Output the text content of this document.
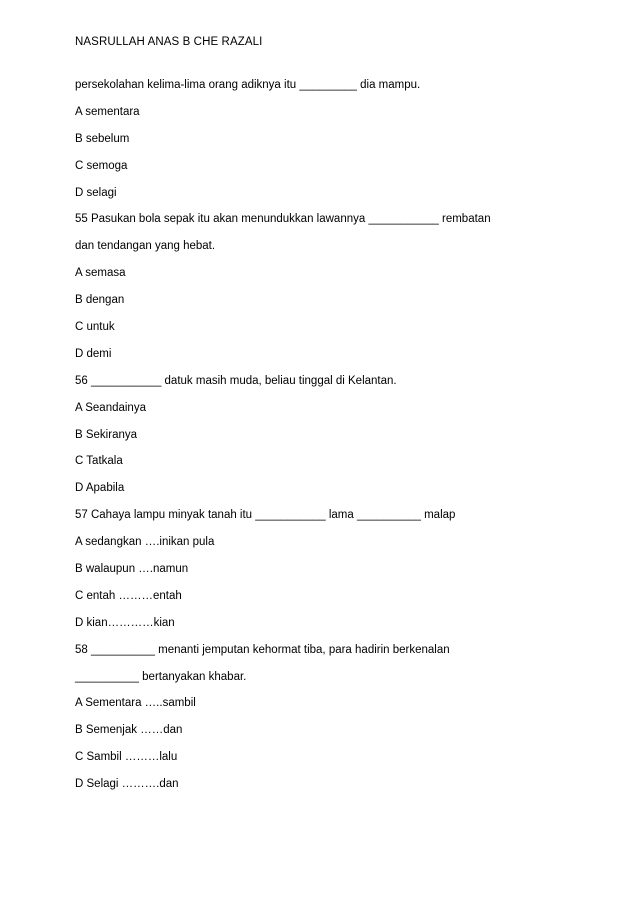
NASRULLAH ANAS B CHE RAZALI
persekolahan kelima-lima orang adiknya itu _________ dia mampu.
A sementara
B sebelum
C semoga
D selagi
55 Pasukan bola sepak itu akan menundukkan lawannya ___________ rembatan
dan tendangan yang hebat.
A semasa
B dengan
C untuk
D demi
56 ___________ datuk masih muda, beliau tinggal di Kelantan.
A Seandainya
B Sekiranya
C Tatkala
D Apabila
57 Cahaya lampu minyak tanah itu ___________ lama __________ malap
A sedangkan ….inikan pula
B walaupun ….namun
C entah ………entah
D kian…………kian
58 __________ menanti jemputan kehormat tiba, para hadirin berkenalan
__________ bertanyakan khabar.
A Sementara …..sambil
B Semenjak ……dan
C Sambil ………lalu
D Selagi ……….dan
